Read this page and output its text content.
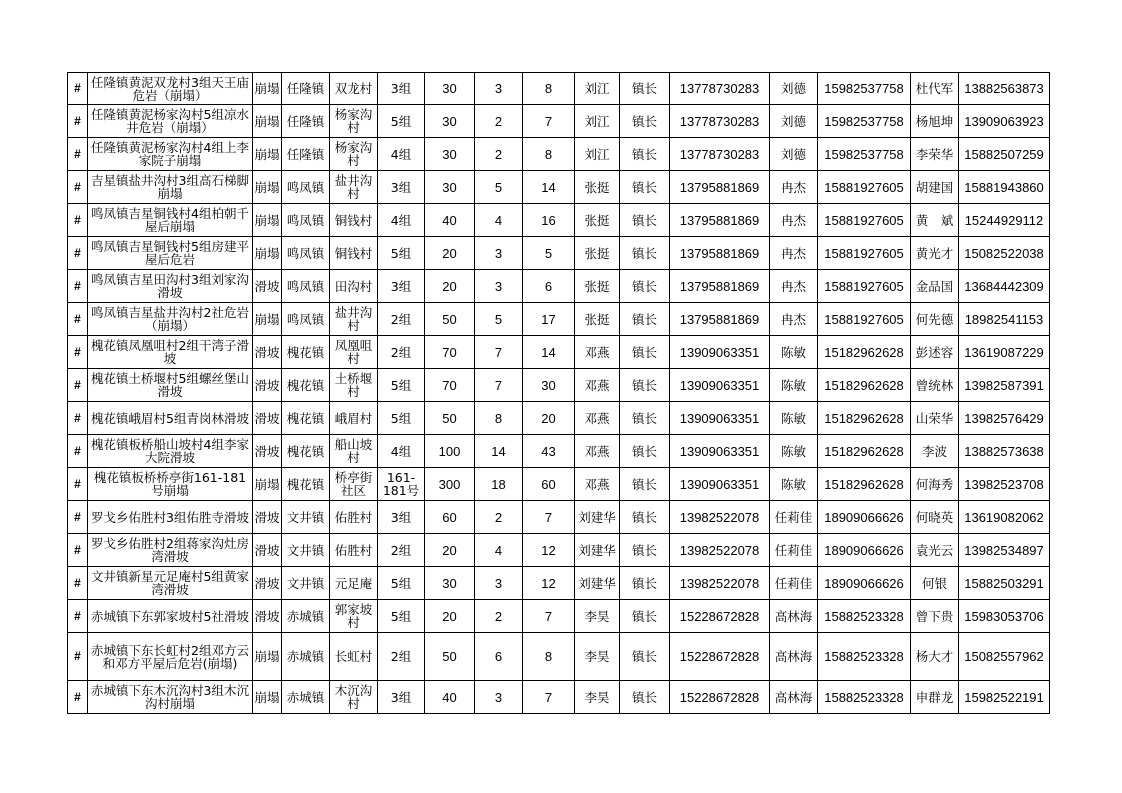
#	任隆镇黄泥双龙村3组天王庙危岩（崩塌）	崩塌	任隆镇	双龙村	3组	30	3	8	刘江	镇长	13778730283	刘德	15982537758	杜代军	13882563873
#	任隆镇黄泥杨家沟村5组凉水井危岩（崩塌）	崩塌	任隆镇	杨家沟村	5组	30	2	7	刘江	镇长	13778730283	刘德	15982537758	杨旭坤	13909063923
#	任隆镇黄泥杨家沟村4组上李家院子崩塌	崩塌	任隆镇	杨家沟村	4组	30	2	8	刘江	镇长	13778730283	刘德	15982537758	李荣华	15882507259
#	吉星镇盐井沟村3组高石梯脚崩塌	崩塌	鸣凤镇	盐井沟村	3组	30	5	14	张挺	镇长	13795881869	冉杰	15881927605	胡建国	15881943860
#	鸣凤镇吉星铜钱村4组柏朝千屋后崩塌	崩塌	鸣凤镇	铜钱村	4组	40	4	16	张挺	镇长	13795881869	冉杰	15881927605	黄　斌	15244929112
#	鸣凤镇吉星铜钱村5组房建平屋后危岩	崩塌	鸣凤镇	铜钱村	5组	20	3	5	张挺	镇长	13795881869	冉杰	15881927605	黄光才	15082522038
#	鸣凤镇吉星田沟村3组刘家沟滑坡	滑坡	鸣凤镇	田沟村	3组	20	3	6	张挺	镇长	13795881869	冉杰	15881927605	金品国	13684442309
#	鸣凤镇吉星盐井沟村2社危岩（崩塌）	崩塌	鸣凤镇	盐井沟村	2组	50	5	17	张挺	镇长	13795881869	冉杰	15881927605	何先德	18982541153
#	槐花镇凤凰咀村2组干湾子滑坡	滑坡	槐花镇	凤凰咀村	2组	70	7	14	邓燕	镇长	13909063351	陈敏	15182962628	彭述容	13619087229
#	槐花镇土桥堰村5组螺丝堡山滑坡	滑坡	槐花镇	土桥堰村	5组	70	7	30	邓燕	镇长	13909063351	陈敏	15182962628	曾统林	13982587391
#	槐花镇峨眉村5组青岗林滑坡	滑坡	槐花镇	峨眉村	5组	50	8	20	邓燕	镇长	13909063351	陈敏	15182962628	山荣华	13982576429
#	槐花镇板桥船山坡村4组李家大院滑坡	滑坡	槐花镇	船山坡村	4组	100	14	43	邓燕	镇长	13909063351	陈敏	15182962628	李波	13882573638
#	槐花镇板桥桥亭街161-181号崩塌	崩塌	槐花镇	桥亭街社区	161-181号	300	18	60	邓燕	镇长	13909063351	陈敏	15182962628	何海秀	13982523708
#	罗戈乡佑胜村3组佑胜寺滑坡	滑坡	文井镇	佑胜村	3组	60	2	7	刘建华	镇长	13982522078	任莉佳	18909066626	何晓英	13619082062
#	罗戈乡佑胜村2组蒋家沟灶房湾滑坡	滑坡	文井镇	佑胜村	2组	20	4	12	刘建华	镇长	13982522078	任莉佳	18909066626	袁光云	13982534897
#	文井镇新星元足庵村5组黄家湾滑坡	滑坡	文井镇	元足庵	5组	30	3	12	刘建华	镇长	13982522078	任莉佳	18909066626	何银	15882503291
#	赤城镇下东郭家坡村5社滑坡	滑坡	赤城镇	郭家坡村	5组	20	2	7	李昊	镇长	15228672828	高林海	15882523328	曾下贵	15983053706
#	赤城镇下东长虹村2组邓方云和邓方平屋后危岩(崩塌)	崩塌	赤城镇	长虹村	2组	50	6	8	李昊	镇长	15228672828	高林海	15882523328	杨大才	15082557962
#	赤城镇下东木沉沟村3组木沉沟村崩塌	崩塌	赤城镇	木沉沟村	3组	40	3	7	李昊	镇长	15228672828	高林海	15882523328	申群龙	15982522191
